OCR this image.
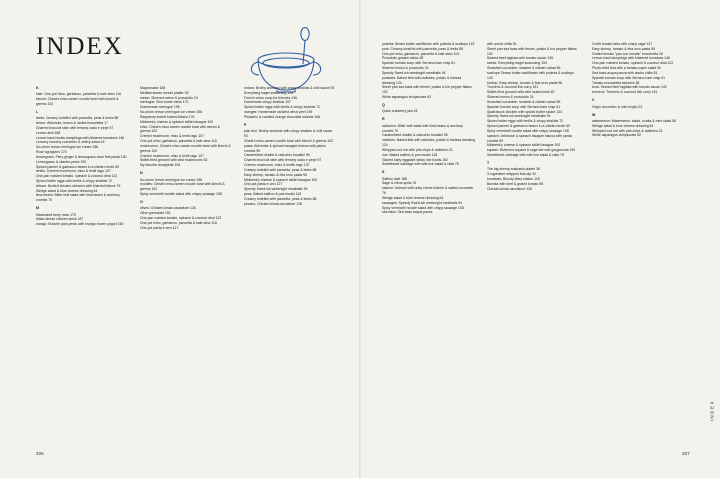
INDEX
K
kale: One-pot miso, garbanzo, pancetta & kale stew 116
kimchi: Cheat's miso-ramen noodle bowl with kimchi & greens 102
L
leeks: Creamy tortellini with pancetta, peas & leeks 88
lemon: Artichoke, lemon & ricotta bruschetta 17
Charred broccoli rabe with lemony cacio e pepe 57
Lemon aioli 188
Lemon basil ricotta dumplings with blistered tomatoes 146
Lemony crunchy cucumber & celery salad 44
No-churn lemon meringue ice cream 156
Rosé sgroppino 174
lemongrass: Fiery ginger & lemongrass clam fest pasta 130
Lemongrass & cilantro pesto 190
Spiced paneer & garbanzo beans in a cilantro broth 69
lentils: Cremini mushroom, miso & lentil ragu 107
One-pan roasted tomato, spinach & coconut dhal 122
Spiced butter eggs with lentils & crispy shallots 72
lettuce: Broiled chicken skewers with charred lettuce 76
Wedge salad & blue cheese dressing 64
lima beans: Bitter leaf salad with lima beans & anchovy crumbs 70
M
Macerated berry miso 179
Make-ahead chicken stock 187
mango: Brioche pain perdu with mango frozen yogurt 160
Mayonnaise 188
Mediterranean mezze platter 39
melon: Slivered melon & prosciutto 24
meringue: Eton tower mess 173
Homemade meringue 196
No-churn lemon meringue ice cream 156
Raspberry sorbet baked Alaska 176
Midweek'y cheese & spinach skillet lasagne 100
miso: Cheat's miso-ramen noodle bowl with kimchi & greens 102
Cremini mushroom, miso & lentil ragu 107
One-pot miso, garbanzo, pancetta & kale stew 116
mushrooms: Cheat's miso-ramen noodle bowl with kimchi & greens 102
Cremini mushroom, miso & lentil ragu 107
Skillet-fried gnocchi with wild mushrooms 62
My favorite vinaigrette 194
N
No-churn lemon meringue ice cream 156
noodles: Cheat's miso-ramen noodle bowl with kimchi & greens 102
Spicy vermicelli noodle salad with crispy sausage 108
O
olives: Chicken-kinda cacciatore 126
Olive gremolata 191
One-pan roasted tomato, spinach & coconut dhal 122
One-pot miso, garbanzo, pancetta & kale stew 116
One-pot pasta e ceci 127
onions: Brothy wontons with crispy shallots & chili sauce 93
Everything bagel seasoning 193
French onion soup for frenzies 136
Homemade crispy shallots 197
Spiced butter eggs with lentils & crispy shallots 72
oranges: Homemade candied citrus peel 199
Pistachio & candied orange chocolate salame 166
P
pak choi: Brothy wontons with crispy shallots & chili sauce 93
Cheat's miso-ramen noodle bowl with kimchi & greens 102
pasta: Artichoke & spinach lasagne bianca with panko crumbs 99
Caramelized shallot & radicchio bucatini 96
Charred broccoli rabe with lemony cacio e pepe 57
Cremini mushroom, miso & lentils ragu 107
Creamy tortellini with pancetta, peas & leeks 88
Easy shrimp, tomato & feta orzo pasta 96
Midweek'y cheese & spinach skillet lasagne 100
One-pot pasta e ceci 127
Speedy Swed-ish weeknight meatballs 94
peas: Baked saffron & pea risotto 118
Creamy tortellini with pancetta, peas & leeks 88
pecans: Chicken-kinda cacciatore 126
306
polenta: Brown butter cauliflower with polenta & scallops 143
pork: Creamy tortellini with pancetta, peas & leeks 88
One-pot miso, garbanzo, pancetta & kale stew 116
Prosciutto grissini sticks 28
Spanish tomato soup with Serrano ham crisp 61
Slivered melon & prosciutto 24
Speedy Swed-ish weeknight meatballs 94
potatoes: Baked feta with radishes, potato & harissa dressing 124
Sheet pan sea bass with fennel, potato & hot pepper flakes 132
White asparagus vichyssoise 62
Q
Quick cranberry jam 45
R
radicchio: Bitter leaf salad with lima beans & anchovy crumbs 70
Caramelized shallot & radicchio bucatini 96
radishes: Baked feta with radishes, potato & harissa dressing 124
Whipped cod roe with pita chips & radishes 23
rice: Baked saffron & pea risotto 118
Glazed baby eggplant sticky rice bowls 152
Sweetheart cabbage with wild rice salad & raita 78
S
Saffron aioli 188
Sage & citrus spritz 31
salmon: Salmon with nutty crème fraîche & salted cucumber 76
Wedge salad & blue cheese dressing 64
sausages: Speedy Swed-ish weeknight meatballs 94
Spicy vermicelli noodle salad with crispy sausage 108
sea bass: Sea bass acqua pazza
with ancho chilis 81
Sheet pan sea bass with fennel, potato & hot pepper flakes 132
Seared beef tagliata with tomato sauce 145
seeds: Everything bagel seasoning 193
Smashed cucumber, sesame & cilantro salad 56
scallops: Brown butter cauliflower with polenta & scallops 143
shrimp: Easy shrimp, tomato & feta orzo pasta 96
Turmeric & coconut fish curry 151
Skillet-fried gnocchi with wild mushrooms 62
Slivered melon & prosciutto 24
Smashed cucumber, sesame & cilantro salad 56
Spanish tomato soup with Serrano ham crisp 61
Spatchcock chicken with spiced butter sauce 134
Speedy Swed-ish weeknight meatballs 94
Spiced butter eggs with lentils & crispy shallots 72
Spiced paneer & garbanzo beans in a cilantro broth 69
Spicy vermicelli noodle salad with crispy sausage 108
spinach: Artichoke & spinach lasagne bianca with panko crumbs 99
Midweek'y cheese & spinach skillet lasagne 100
squash: Butternut squash & sage tart with gorgonzola 190
Sweetheart cabbage with wild rice salad & raita 78
T
The big shrimp antipasto platter 36
3-ingredient whipped feta dip 32
tomatoes: Bloody Mary station 118
Burrata with beet & grated tomato 55
Chicken-kinda cacciatore 126
Confit tomato tarts with crispy sage 137
Easy shrimp, tomato & feta orzo pasta 96
Grated tomato "pan con tomate" bruschetta 26
Lemon basil dumplings with blistered tomatoes 146
One-pan roasted tomato, spinach & coconut dhal 122
Phyllo-fried feta with a tomato-caper salad 50
Sea bass acqua pazza with ancho chilis 81
Spanish tomato soup with Serrano ham crisp 61
Tomato-mozzarella skewers 38
tuna: Seared beef tagliata with tomato sauce 140
turmeric: Turmeric & coconut fish curry 151
V
Virgin cucumber & mint mojito 23
W
watermelon: Watermelon, salad, ricotta & mint salad 56
Wedge salad & blue cheese dressing 64
Whipped cod roe with pita chips & radishes 23
White asparagus vichyssoise 62
307
INDEX
